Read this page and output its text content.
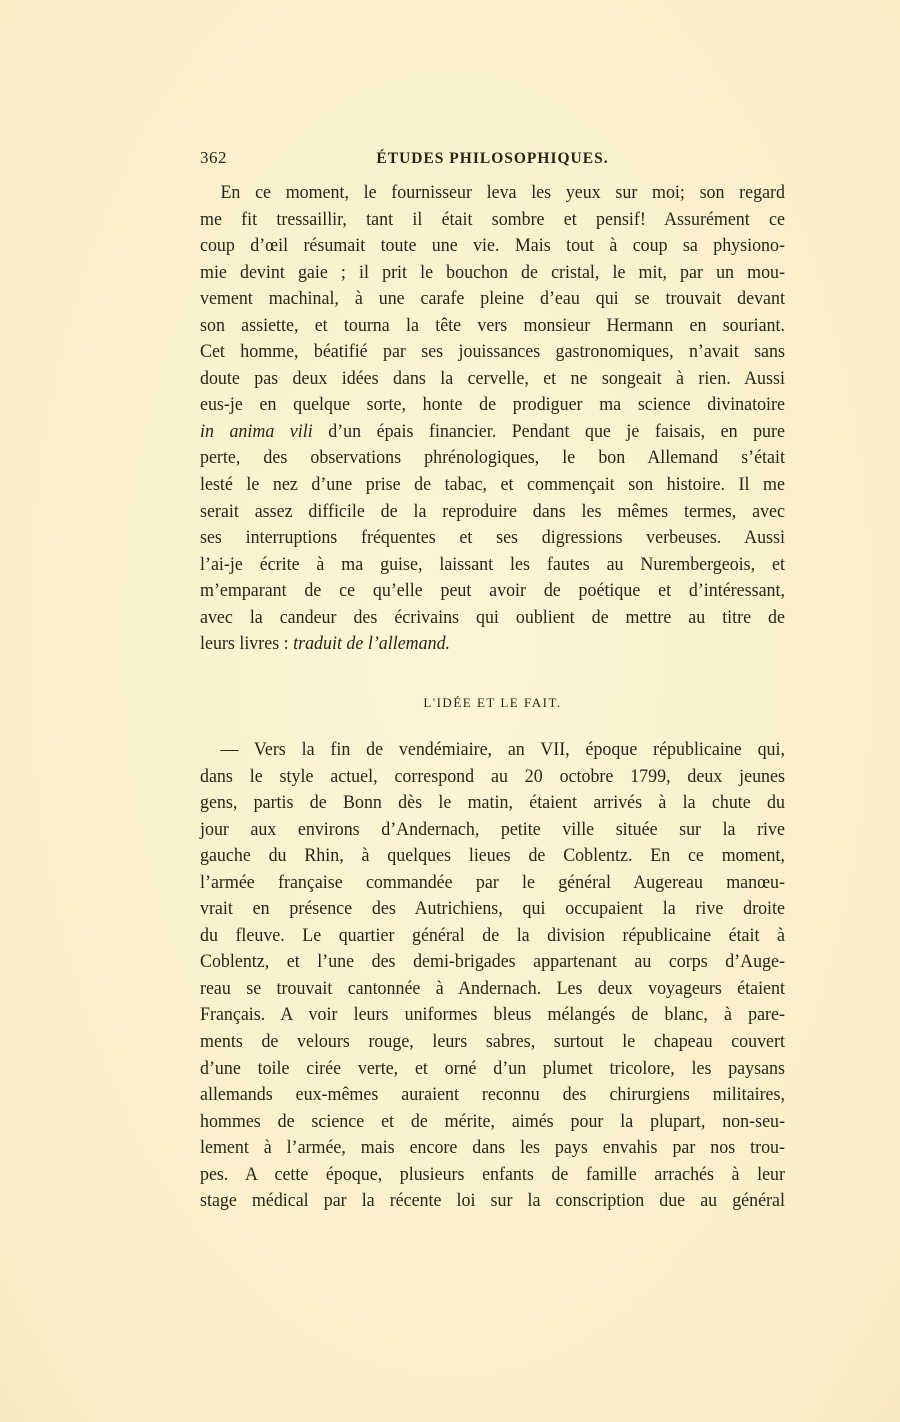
362	ÉTUDES PHILOSOPHIQUES.
En ce moment, le fournisseur leva les yeux sur moi; son regard
me fit tressaillir, tant il était sombre et pensif! Assurément ce
coup d’œil résumait toute une vie. Mais tout à coup sa physiono-
mie devint gaie ; il prit le bouchon de cristal, le mit, par un mou-
vement machinal, à une carafe pleine d’eau qui se trouvait devant
son assiette, et tourna la tête vers monsieur Hermann en souriant.
Cet homme, béatifié par ses jouissances gastronomiques, n’avait sans
doute pas deux idées dans la cervelle, et ne songeait à rien. Aussi
eus-je en quelque sorte, honte de prodiguer ma science divinatoire
in anima vili d’un épais financier. Pendant que je faisais, en pure
perte, des observations phrénologiques, le bon Allemand s’était
lesté le nez d’une prise de tabac, et commençait son histoire. Il me
serait assez difficile de la reproduire dans les mêmes termes, avec
ses interruptions fréquentes et ses digressions verbeuses. Aussi
l’ai-je écrite à ma guise, laissant les fautes au Nurembergeois, et
m’emparant de ce qu’elle peut avoir de poétique et d’intéressant,
avec la candeur des écrivains qui oublient de mettre au titre de
leurs livres : traduit de l’allemand.
L'IDÉE ET LE FAIT.
— Vers la fin de vendémiaire, an VII, époque républicaine qui,
dans le style actuel, correspond au 20 octobre 1799, deux jeunes
gens, partis de Bonn dès le matin, étaient arrivés à la chute du
jour aux environs d’Andernach, petite ville située sur la rive
gauche du Rhin, à quelques lieues de Coblentz. En ce moment,
l’armée française commandée par le général Augereau manœu-
vrait en présence des Autrichiens, qui occupaient la rive droite
du fleuve. Le quartier général de la division républicaine était à
Coblentz, et l’une des demi-brigades appartenant au corps d’Auge-
reau se trouvait cantonnée à Andernach. Les deux voyageurs étaient
Français. A voir leurs uniformes bleus mélangés de blanc, à pare-
ments de velours rouge, leurs sabres, surtout le chapeau couvert
d’une toile cirée verte, et orné d’un plumet tricolore, les paysans
allemands eux-mêmes auraient reconnu des chirurgiens militaires,
hommes de science et de mérite, aimés pour la plupart, non-seu-
lement à l’armée, mais encore dans les pays envahis par nos trou-
pes. A cette époque, plusieurs enfants de famille arrachés à leur
stage médical par la récente loi sur la conscription due au général
